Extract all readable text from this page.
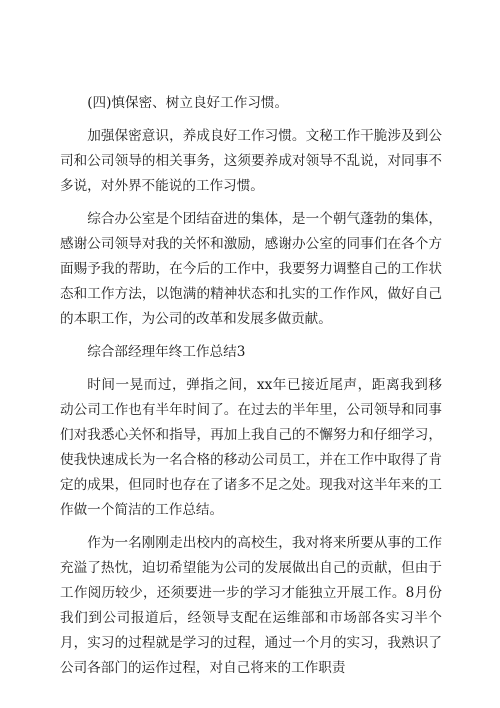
(四)慎保密、树立良好工作习惯。

加强保密意识，养成良好工作习惯。文秘工作干脆涉及到公司和公司领导的相关事务，这须要养成对领导不乱说，对同事不多说，对外界不能说的工作习惯。

综合办公室是个团结奋进的集体，是一个朝气蓬勃的集体，感谢公司领导对我的关怀和激励，感谢办公室的同事们在各个方面赐予我的帮助，在今后的工作中，我要努力调整自己的工作状态和工作方法，以饱满的精神状态和扎实的工作作风，做好自己的本职工作，为公司的改革和发展多做贡献。

综合部经理年终工作总结3

时间一晃而过，弹指之间，xx年已接近尾声，距离我到移动公司工作也有半年时间了。在过去的半年里，公司领导和同事们对我悉心关怀和指导，再加上我自己的不懈努力和仔细学习，使我快速成长为一名合格的移动公司员工，并在工作中取得了肯定的成果，但同时也存在了诸多不足之处。现我对这半年来的工作做一个简洁的工作总结。

作为一名刚刚走出校内的高校生，我对将来所要从事的工作充溢了热忱，迫切希望能为公司的发展做出自己的贡献，但由于工作阅历较少，还须要进一步的学习才能独立开展工作。8月份我们到公司报道后，经领导支配在运维部和市场部各实习半个月，实习的过程就是学习的过程，通过一个月的实习，我熟识了公司各部门的运作过程，对自己将来的工作职责
